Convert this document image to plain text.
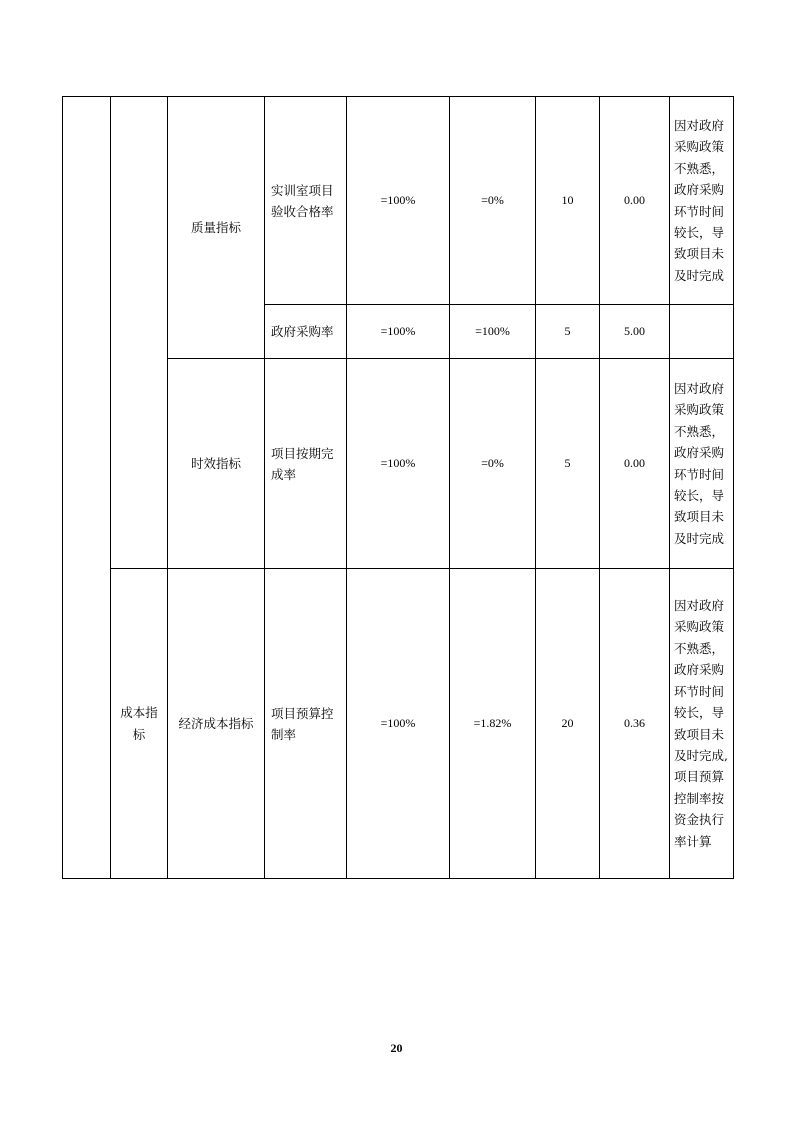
		质量指标	实训室项目验收合格率	=100%	=0%	10	0.00	因对政府采购政策不熟悉，政府采购环节时间较长，导致项目未及时完成
			政府采购率	=100%	=100%	5	5.00	
		时效指标	项目按期完成率	=100%	=0%	5	0.00	因对政府采购政策不熟悉，政府采购环节时间较长，导致项目未及时完成
	成本指标	经济成本指标	项目预算控制率	=100%	=1.82%	20	0.36	因对政府采购政策不熟悉，政府采购环节时间较长，导致项目未及时完成,项目预算控制率按资金执行率计算
20
